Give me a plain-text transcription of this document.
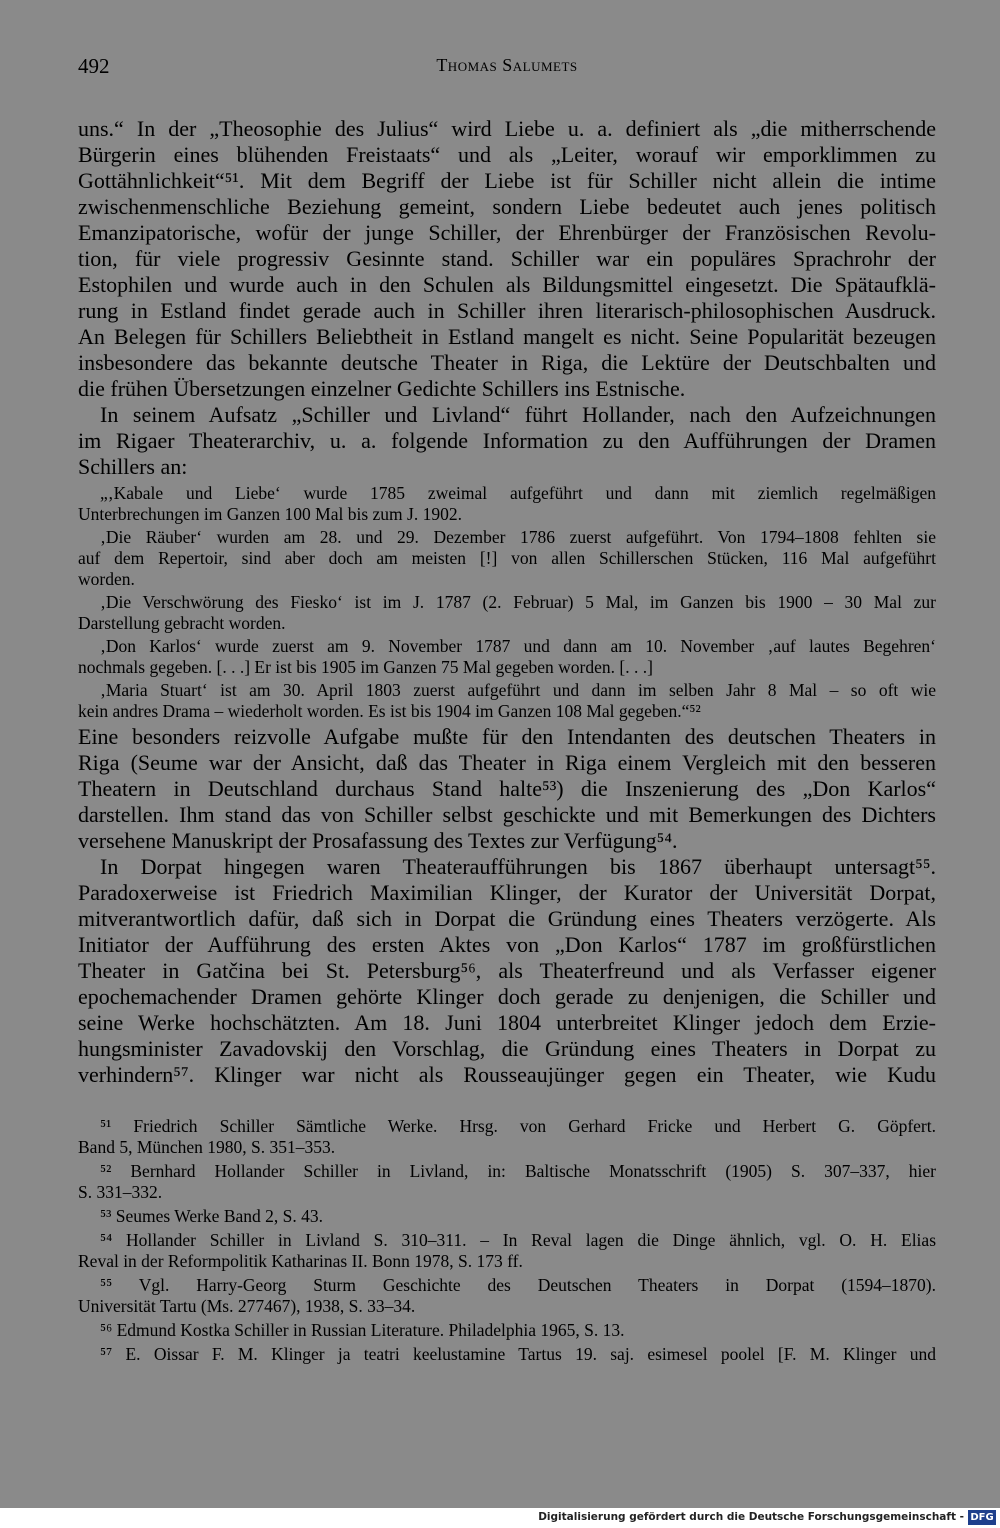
492	Thomas Salumets
uns.“ In der „Theosophie des Julius“ wird Liebe u. a. definiert als „die mitherrschende
Bürgerin eines blühenden Freistaats“ und als „Leiter, worauf wir emporklimmen zu
Gottähnlichkeit“⁵¹. Mit dem Begriff der Liebe ist für Schiller nicht allein die intime
zwischenmenschliche Beziehung gemeint, sondern Liebe bedeutet auch jenes politisch
Emanzipatorische, wofür der junge Schiller, der Ehrenbürger der Französischen Revolu-
tion, für viele progressiv Gesinnte stand. Schiller war ein populäres Sprachrohr der
Estophilen und wurde auch in den Schulen als Bildungsmittel eingesetzt. Die Spätaufklä-
rung in Estland findet gerade auch in Schiller ihren literarisch-philosophischen Ausdruck.
An Belegen für Schillers Beliebtheit in Estland mangelt es nicht. Seine Popularität bezeugen
insbesondere das bekannte deutsche Theater in Riga, die Lektüre der Deutschbalten und
die frühen Übersetzungen einzelner Gedichte Schillers ins Estnische.
In seinem Aufsatz „Schiller und Livland“ führt Hollander, nach den Aufzeichnungen
im Rigaer Theaterarchiv, u. a. folgende Information zu den Aufführungen der Dramen
Schillers an:
„‚Kabale und Liebe‘ wurde 1785 zweimal aufgeführt und dann mit ziemlich regelmäßigen
Unterbrechungen im Ganzen 100 Mal bis zum J. 1902.
‚Die Räuber‘ wurden am 28. und 29. Dezember 1786 zuerst aufgeführt. Von 1794–1808 fehlten sie
auf dem Repertoir, sind aber doch am meisten [!] von allen Schillerschen Stücken, 116 Mal aufgeführt
worden.
‚Die Verschwörung des Fiesko‘ ist im J. 1787 (2. Februar) 5 Mal, im Ganzen bis 1900 – 30 Mal zur
Darstellung gebracht worden.
‚Don Karlos‘ wurde zuerst am 9. November 1787 und dann am 10. November ‚auf lautes Begehren‘
nochmals gegeben. [. . .] Er ist bis 1905 im Ganzen 75 Mal gegeben worden. [. . .]
‚Maria Stuart‘ ist am 30. April 1803 zuerst aufgeführt und dann im selben Jahr 8 Mal – so oft wie
kein andres Drama – wiederholt worden. Es ist bis 1904 im Ganzen 108 Mal gegeben.“⁵²
Eine besonders reizvolle Aufgabe mußte für den Intendanten des deutschen Theaters in
Riga (Seume war der Ansicht, daß das Theater in Riga einem Vergleich mit den besseren
Theatern in Deutschland durchaus Stand halte⁵³) die Inszenierung des „Don Karlos“
darstellen. Ihm stand das von Schiller selbst geschickte und mit Bemerkungen des Dichters
versehene Manuskript der Prosafassung des Textes zur Verfügung⁵⁴.
In Dorpat hingegen waren Theateraufführungen bis 1867 überhaupt untersagt⁵⁵.
Paradoxerweise ist Friedrich Maximilian Klinger, der Kurator der Universität Dorpat,
mitverantwortlich dafür, daß sich in Dorpat die Gründung eines Theaters verzögerte. Als
Initiator der Aufführung des ersten Aktes von „Don Karlos“ 1787 im großfürstlichen
Theater in Gatčina bei St. Petersburg⁵⁶, als Theaterfreund und als Verfasser eigener
epochemachender Dramen gehörte Klinger doch gerade zu denjenigen, die Schiller und
seine Werke hochschätzten. Am 18. Juni 1804 unterbreitet Klinger jedoch dem Erzie-
hungsminister Zavadovskij den Vorschlag, die Gründung eines Theaters in Dorpat zu
verhindern⁵⁷. Klinger war nicht als Rousseaujünger gegen ein Theater, wie Kudu
⁵¹ Friedrich Schiller Sämtliche Werke. Hrsg. von Gerhard Fricke und Herbert G. Göpfert.
Band 5, München 1980, S. 351–353.
⁵² Bernhard Hollander Schiller in Livland, in: Baltische Monatsschrift (1905) S. 307–337, hier
S. 331–332.
⁵³ Seumes Werke Band 2, S. 43.
⁵⁴ Hollander Schiller in Livland S. 310–311. – In Reval lagen die Dinge ähnlich, vgl. O. H. Elias
Reval in der Reformpolitik Katharinas II. Bonn 1978, S. 173 ff.
⁵⁵ Vgl. Harry-Georg Sturm Geschichte des Deutschen Theaters in Dorpat (1594–1870).
Universität Tartu (Ms. 277467), 1938, S. 33–34.
⁵⁶ Edmund Kostka Schiller in Russian Literature. Philadelphia 1965, S. 13.
⁵⁷ E. Oissar F. M. Klinger ja teatri keelustamine Tartus 19. saj. esimesel poolel [F. M. Klinger und
Digitalisierung gefördert durch die Deutsche Forschungsgemeinschaft - DFG
